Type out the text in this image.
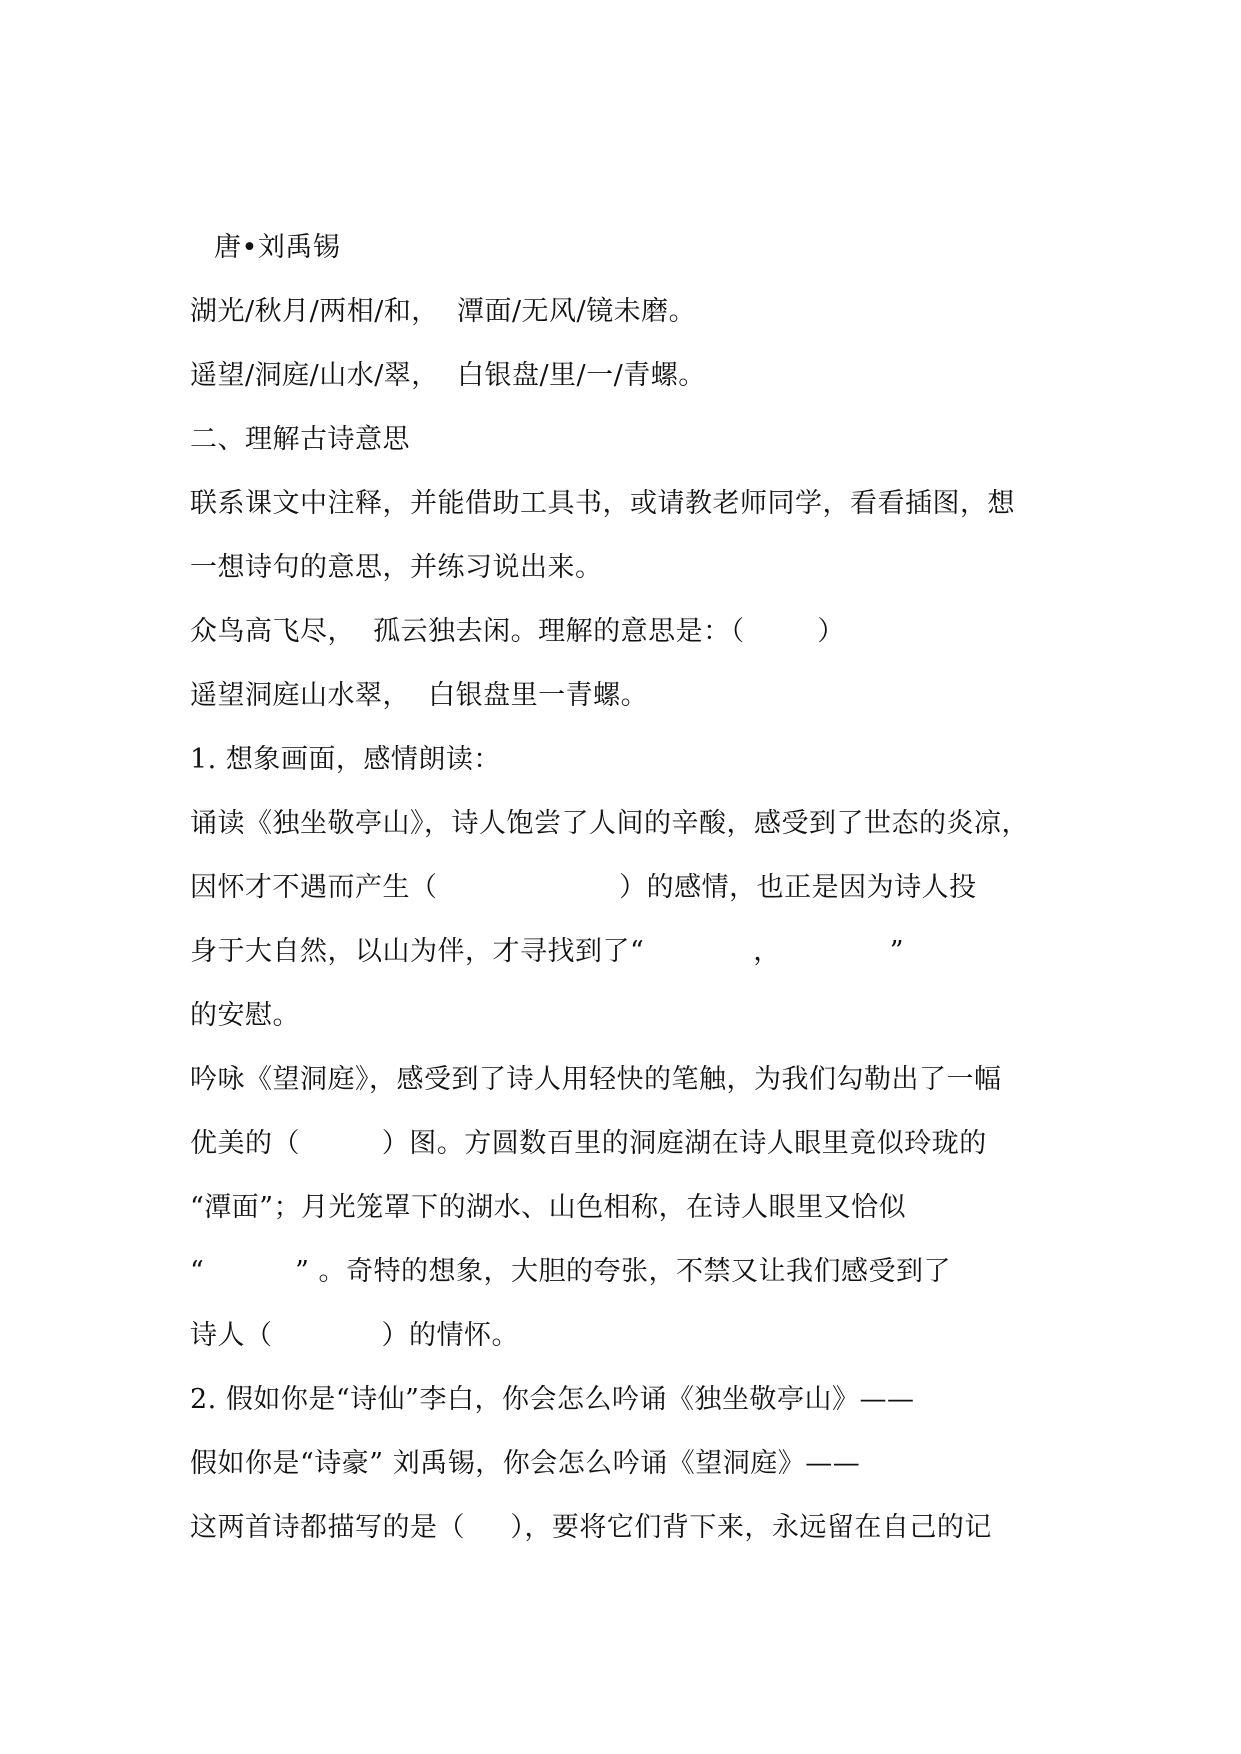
唐•刘禹锡
湖光/秋月/两相/和，  潭面/无风/镜未磨。
遥望/洞庭/山水/翠，  白银盘/里/一/青螺。
二、理解古诗意思
联系课文中注释，并能借助工具书，或请教老师同学，看看插图，想
一想诗句的意思，并练习说出来。
众鸟高飞尽，  孤云独去闲。理解的意思是：（        ）
遥望洞庭山水翠，  白银盘里一青螺。
1. 想象画面，感情朗读：
诵读《独坐敬亭山》，诗人饱尝了人间的辛酸，感受到了世态的炎凉，
因怀才不遇而产生（                    ）的感情，也正是因为诗人投
身于大自然，以山为伴，才寻找到了“            ，            ”
的安慰。
吟咏《望洞庭》，感受到了诗人用轻快的笔触，为我们勾勒出了一幅
优美的（         ）图。方圆数百里的洞庭湖在诗人眼里竟似玲珑的
“潭面”；月光笼罩下的湖水、山色相称，在诗人眼里又恰似
“          ” 。奇特的想象，大胆的夸张，不禁又让我们感受到了
诗人（            ）的情怀。
2. 假如你是“诗仙”李白，你会怎么吟诵《独坐敬亭山》——
假如你是“诗豪” 刘禹锡，你会怎么吟诵《望洞庭》——
这两首诗都描写的是（     ），要将它们背下来，永远留在自己的记
